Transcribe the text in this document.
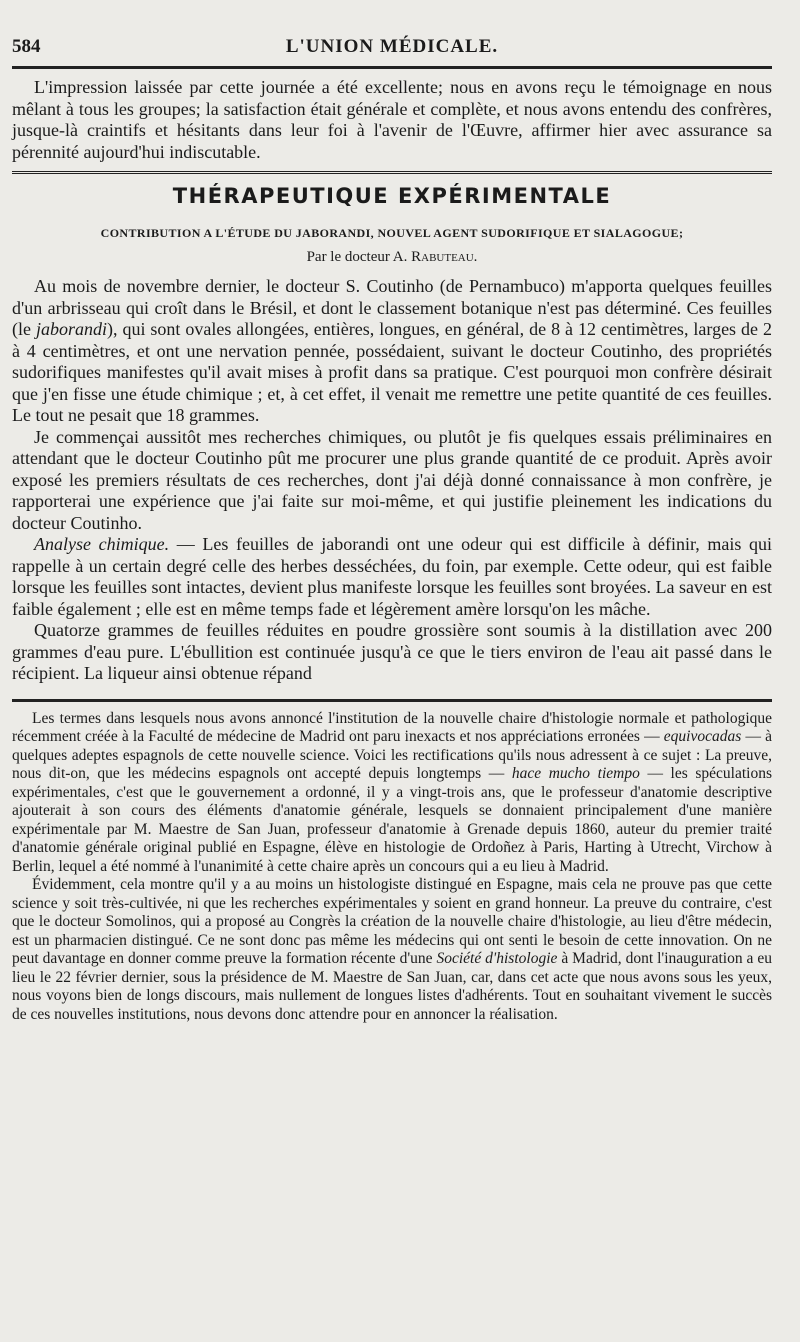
584	L'UNION MÉDICALE.

L'impression laissée par cette journée a été excellente; nous en avons reçu le témoignage en nous mêlant à tous les groupes; la satisfaction était générale et complète, et nous avons entendu des confrères, jusque-là craintifs et hésitants dans leur foi à l'avenir de l'Œuvre, affirmer hier avec assurance sa pérennité aujourd'hui indiscutable.

THÉRAPEUTIQUE EXPÉRIMENTALE
CONTRIBUTION A L'ÉTUDE DU JABORANDI, NOUVEL AGENT SUDORIFIQUE ET SIALAGOGUE;
Par le docteur A. Rabuteau.

Au mois de novembre dernier, le docteur S. Coutinho (de Pernambuco) m'apporta quelques feuilles d'un arbrisseau qui croît dans le Brésil, et dont le classement botanique n'est pas déterminé. Ces feuilles (le jaborandi), qui sont ovales allongées, entières, longues, en général, de 8 à 12 centimètres, larges de 2 à 4 centimètres, et ont une nervation pennée, possédaient, suivant le docteur Coutinho, des propriétés sudorifiques manifestes qu'il avait mises à profit dans sa pratique. C'est pourquoi mon confrère désirait que j'en fisse une étude chimique ; et, à cet effet, il venait me remettre une petite quantité de ces feuilles. Le tout ne pesait que 18 grammes.

Je commençai aussitôt mes recherches chimiques, ou plutôt je fis quelques essais préliminaires en attendant que le docteur Coutinho pût me procurer une plus grande quantité de ce produit. Après avoir exposé les premiers résultats de ces recherches, dont j'ai déjà donné connaissance à mon confrère, je rapporterai une expérience que j'ai faite sur moi-même, et qui justifie pleinement les indications du docteur Coutinho.

Analyse chimique. — Les feuilles de jaborandi ont une odeur qui est difficile à définir, mais qui rappelle à un certain degré celle des herbes desséchées, du foin, par exemple. Cette odeur, qui est faible lorsque les feuilles sont intactes, devient plus manifeste lorsque les feuilles sont broyées. La saveur en est faible également ; elle est en même temps fade et légèrement amère lorsqu'on les mâche.

Quatorze grammes de feuilles réduites en poudre grossière sont soumis à la distillation avec 200 grammes d'eau pure. L'ébullition est continuée jusqu'à ce que le tiers environ de l'eau ait passé dans le récipient. La liqueur ainsi obtenue répand

Les termes dans lesquels nous avons annoncé l'institution de la nouvelle chaire d'histologie normale et pathologique récemment créée à la Faculté de médecine de Madrid ont paru inexacts et nos appréciations erronées — equivocadas — à quelques adeptes espagnols de cette nouvelle science. Voici les rectifications qu'ils nous adressent à ce sujet : La preuve, nous dit-on, que les médecins espagnols ont accepté depuis longtemps — hace mucho tiempo — les spéculations expérimentales, c'est que le gouvernement a ordonné, il y a vingt-trois ans, que le professeur d'anatomie descriptive ajouterait à son cours des éléments d'anatomie générale, lesquels se donnaient principalement d'une manière expérimentale par M. Maestre de San Juan, professeur d'anatomie à Grenade depuis 1860, auteur du premier traité d'anatomie générale original publié en Espagne, élève en histologie de Ordoñez à Paris, Harting à Utrecht, Virchow à Berlin, lequel a été nommé à l'unanimité à cette chaire après un concours qui a eu lieu à Madrid.

Évidemment, cela montre qu'il y a au moins un histologiste distingué en Espagne, mais cela ne prouve pas que cette science y soit très-cultivée, ni que les recherches expérimentales y soient en grand honneur. La preuve du contraire, c'est que le docteur Somolinos, qui a proposé au Congrès la création de la nouvelle chaire d'histologie, au lieu d'être médecin, est un pharmacien distingué. Ce ne sont donc pas même les médecins qui ont senti le besoin de cette innovation. On ne peut davantage en donner comme preuve la formation récente d'une Société d'histologie à Madrid, dont l'inauguration a eu lieu le 22 février dernier, sous la présidence de M. Maestre de San Juan, car, dans cet acte que nous avons sous les yeux, nous voyons bien de longs discours, mais nullement de longues listes d'adhérents. Tout en souhaitant vivement le succès de ces nouvelles institutions, nous devons donc attendre pour en annoncer la réalisation.
